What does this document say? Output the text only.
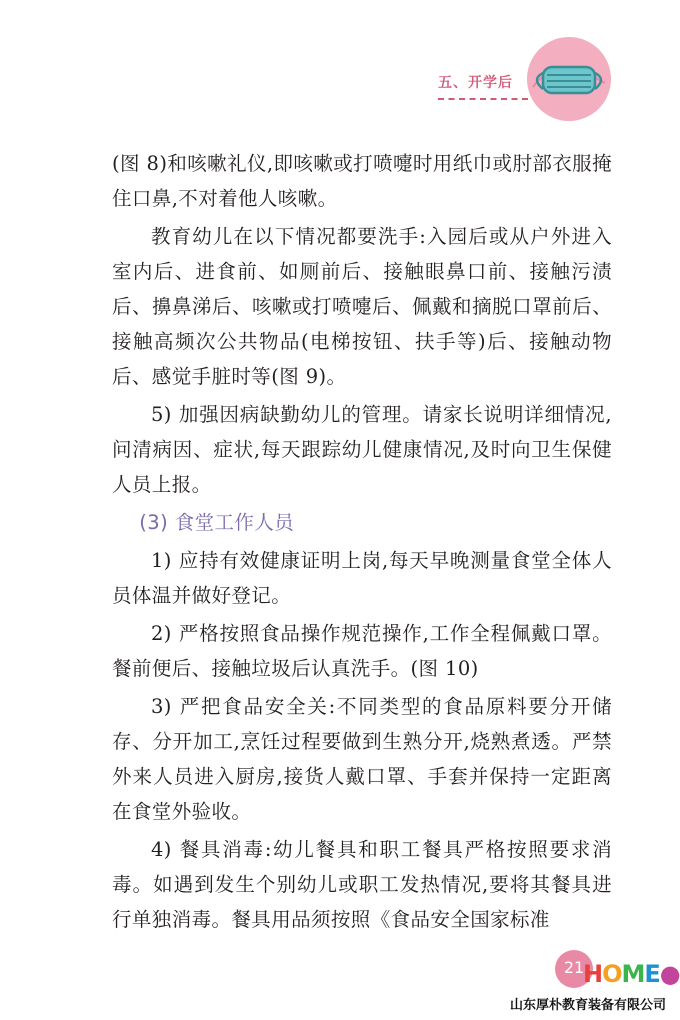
五、开学后

(图 8)和咳嗽礼仪,即咳嗽或打喷嚏时用纸巾或肘部衣服掩住口鼻,不对着他人咳嗽。

教育幼儿在以下情况都要洗手:入园后或从户外进入室内后、进食前、如厕前后、接触眼鼻口前、接触污渍后、擤鼻涕后、咳嗽或打喷嚏后、佩戴和摘脱口罩前后、接触高频次公共物品(电梯按钮、扶手等)后、接触动物后、感觉手脏时等(图 9)。

5) 加强因病缺勤幼儿的管理。请家长说明详细情况,问清病因、症状,每天跟踪幼儿健康情况,及时向卫生保健人员上报。

(3) 食堂工作人员

1) 应持有效健康证明上岗,每天早晚测量食堂全体人员体温并做好登记。

2) 严格按照食品操作规范操作,工作全程佩戴口罩。餐前便后、接触垃圾后认真洗手。(图 10)

3) 严把食品安全关:不同类型的食品原料要分开储存、分开加工,烹饪过程要做到生熟分开,烧熟煮透。严禁外来人员进入厨房,接货人戴口罩、手套并保持一定距离在食堂外验收。

4) 餐具消毒:幼儿餐具和职工餐具严格按照要求消毒。如遇到发生个别幼儿或职工发热情况,要将其餐具进行单独消毒。餐具用品须按照《食品安全国家标准

21
HOME●
山东厚朴教育装备有限公司
